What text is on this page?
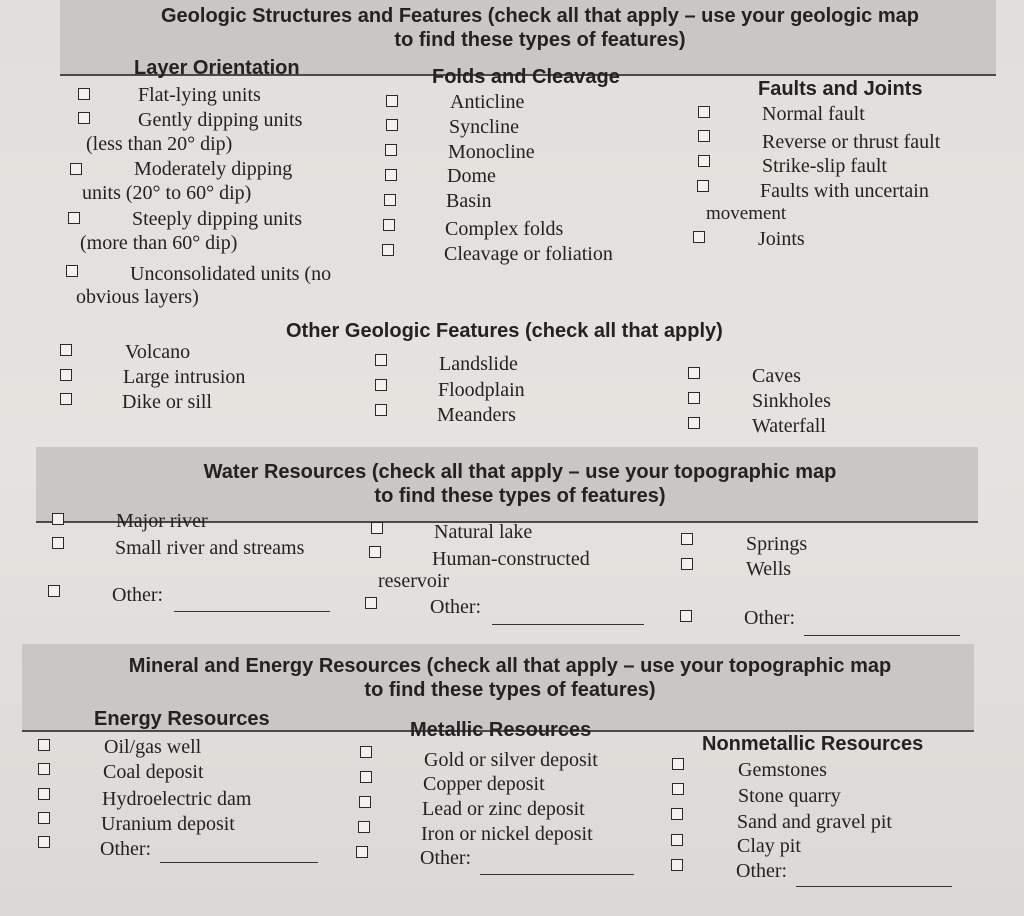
Geologic Structures and Features (check all that apply – use your geologic map
to find these types of features)
Layer Orientation
Flat-lying units
Gently dipping units
(less than 20° dip)
Moderately dipping
units (20° to 60° dip)
Steeply dipping units
(more than 60° dip)
Unconsolidated units (no
obvious layers)
Folds and Cleavage
Anticline
Syncline
Monocline
Dome
Basin
Complex folds
Cleavage or foliation
Faults and Joints
Normal fault
Reverse or thrust fault
Strike-slip fault
Faults with uncertain
movement
Joints
Other Geologic Features (check all that apply)
Volcano
Large intrusion
Dike or sill
Landslide
Floodplain
Meanders
Caves
Sinkholes
Waterfall
Water Resources (check all that apply – use your topographic map
to find these types of features)
Major river
Small river and streams
Other:
Natural lake
Human-constructed
reservoir
Other:
Springs
Wells
Other:
Mineral and Energy Resources (check all that apply – use your topographic map
to find these types of features)
Energy Resources
Oil/gas well
Coal deposit
Hydroelectric dam
Uranium deposit
Other:
Metallic Resources
Gold or silver deposit
Copper deposit
Lead or zinc deposit
Iron or nickel deposit
Other:
Nonmetallic Resources
Gemstones
Stone quarry
Sand and gravel pit
Clay pit
Other:
